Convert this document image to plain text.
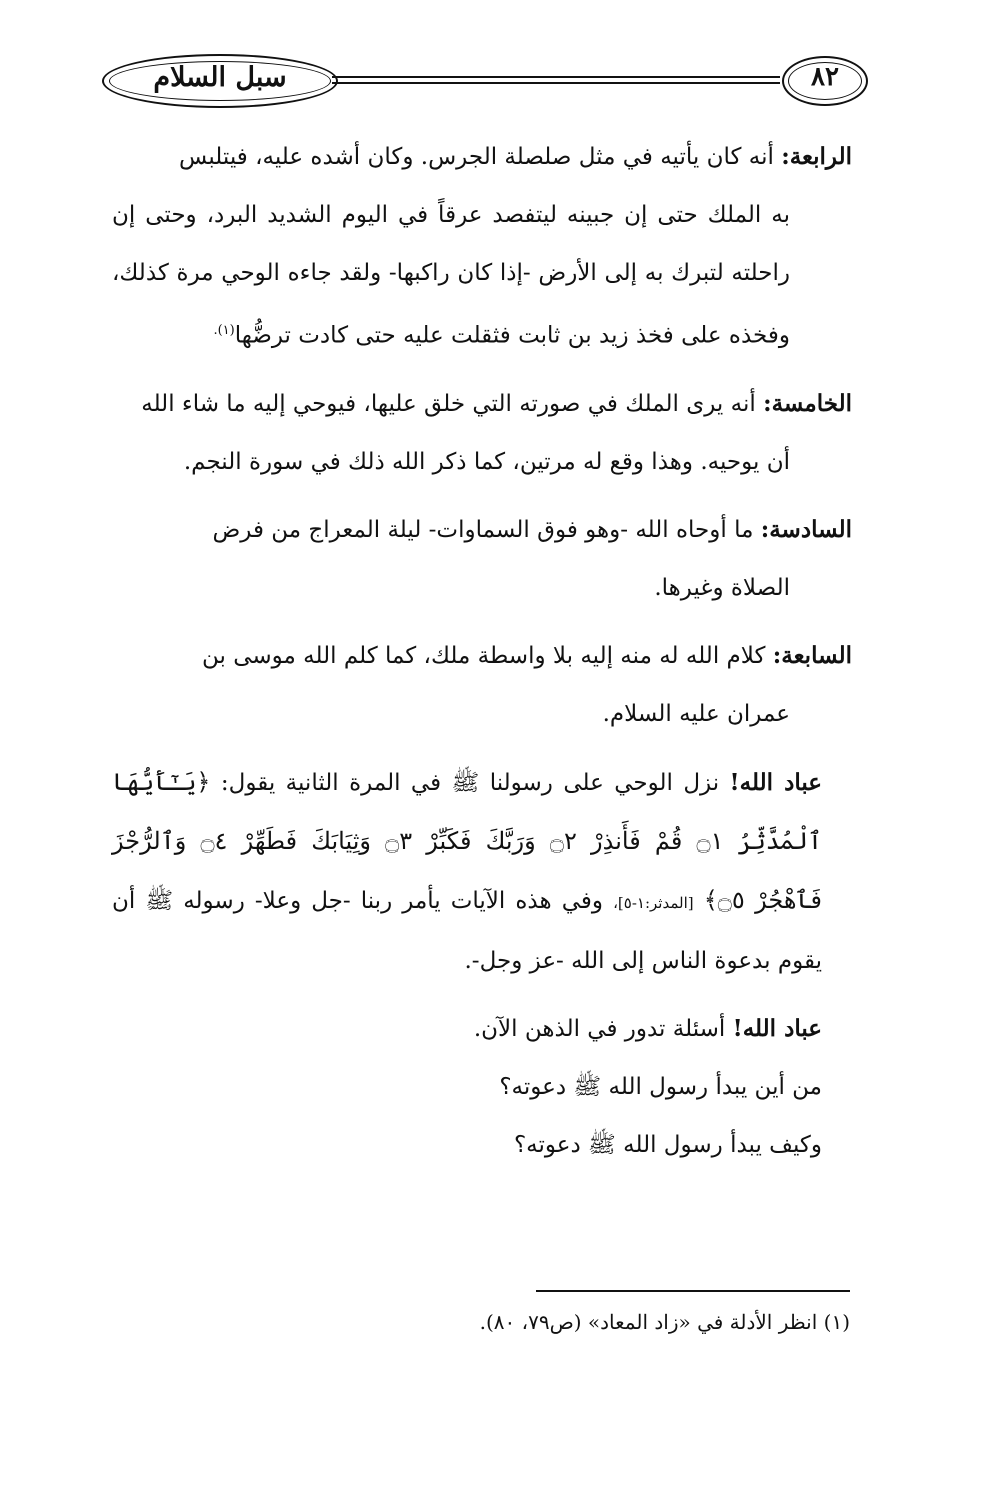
سبل السلام	٨٢
الرابعة: أنه كان يأتيه في مثل صلصلة الجرس. وكان أشده عليه، فيتلبس
به الملك حتى إن جبينه ليتفصد عرقاً في اليوم الشديد البرد، وحتى إن راحلته لتبرك به إلى الأرض -إذا كان راكبها- ولقد جاءه الوحي مرة كذلك، وفخذه على فخذ زيد بن ثابت فثقلت عليه حتى كادت ترضُّها$^{(١).}$
الخامسة: أنه يرى الملك في صورته التي خلق عليها، فيوحي إليه ما شاء الله
أن يوحيه. وهذا وقع له مرتين، كما ذكر الله ذلك في سورة النجم.
السادسة: ما أوحاه الله -وهو فوق السماوات- ليلة المعراج من فرض
الصلاة وغيرها.
السابعة: كلام الله له منه إليه بلا واسطة ملك، كما كلم الله موسى بن
عمران عليه السلام.
عباد الله! نزل الوحي على رسولنا ﷺ في المرة الثانية يقول: ﴿يَـٰٓأَيُّهَا ٱلْمُدَّثِّرُ ۝١ قُمْ فَأَنذِرْ ۝٢ وَرَبَّكَ فَكَبِّرْ ۝٣ وَثِيَابَكَ فَطَهِّرْ ۝٤ وَٱلرُّجْزَ فَٱهْجُرْ ۝٥﴾ [المدثر:١-٥]، وفي هذه الآيات يأمر ربنا -جل وعلا- رسوله ﷺ أن يقوم بدعوة الناس إلى الله -عز وجل-.
عباد الله! أسئلة تدور في الذهن الآن.
من أين يبدأ رسول الله ﷺ دعوته؟
وكيف يبدأ رسول الله ﷺ دعوته؟
(١) انظر الأدلة في «زاد المعاد» (ص٧٩، ٨٠).
